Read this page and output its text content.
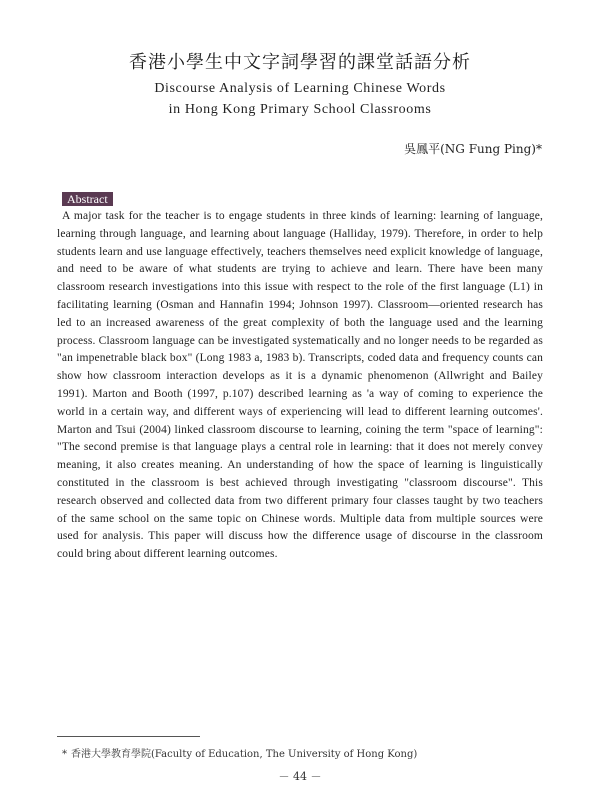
香港小學生中文字詞學習的課堂話語分析
Discourse Analysis of Learning Chinese Words
in Hong Kong Primary School Classrooms
吳鳳平(NG Fung Ping)*
Abstract

A major task for the teacher is to engage students in three kinds of learning: learning of language, learning through language, and learning about language (Halliday, 1979). Therefore, in order to help students learn and use language effectively, teachers themselves need explicit knowledge of language, and need to be aware of what students are trying to achieve and learn. There have been many classroom research investigations into this issue with respect to the role of the first language (L1) in facilitating learning (Osman and Hannafin 1994; Johnson 1997). Classroom—oriented research has led to an increased awareness of the great complexity of both the language used and the learning process. Classroom language can be investigated systematically and no longer needs to be regarded as "an impenetrable black box" (Long 1983 a, 1983 b). Transcripts, coded data and frequency counts can show how classroom interaction develops as it is a dynamic phenomenon (Allwright and Bailey 1991). Marton and Booth (1997, p.107) described learning as 'a way of coming to experience the world in a certain way, and different ways of experiencing will lead to different learning outcomes'. Marton and Tsui (2004) linked classroom discourse to learning, coining the term "space of learning": "The second premise is that language plays a central role in learning: that it does not merely convey meaning, it also creates meaning. An understanding of how the space of learning is linguistically constituted in the classroom is best achieved through investigating "classroom discourse". This research observed and collected data from two different primary four classes taught by two teachers of the same school on the same topic on Chinese words. Multiple data from multiple sources were used for analysis. This paper will discuss how the difference usage of discourse in the classroom could bring about different learning outcomes.

* 香港大學教育學院(Faculty of Education, The University of Hong Kong)
－ 44 －
